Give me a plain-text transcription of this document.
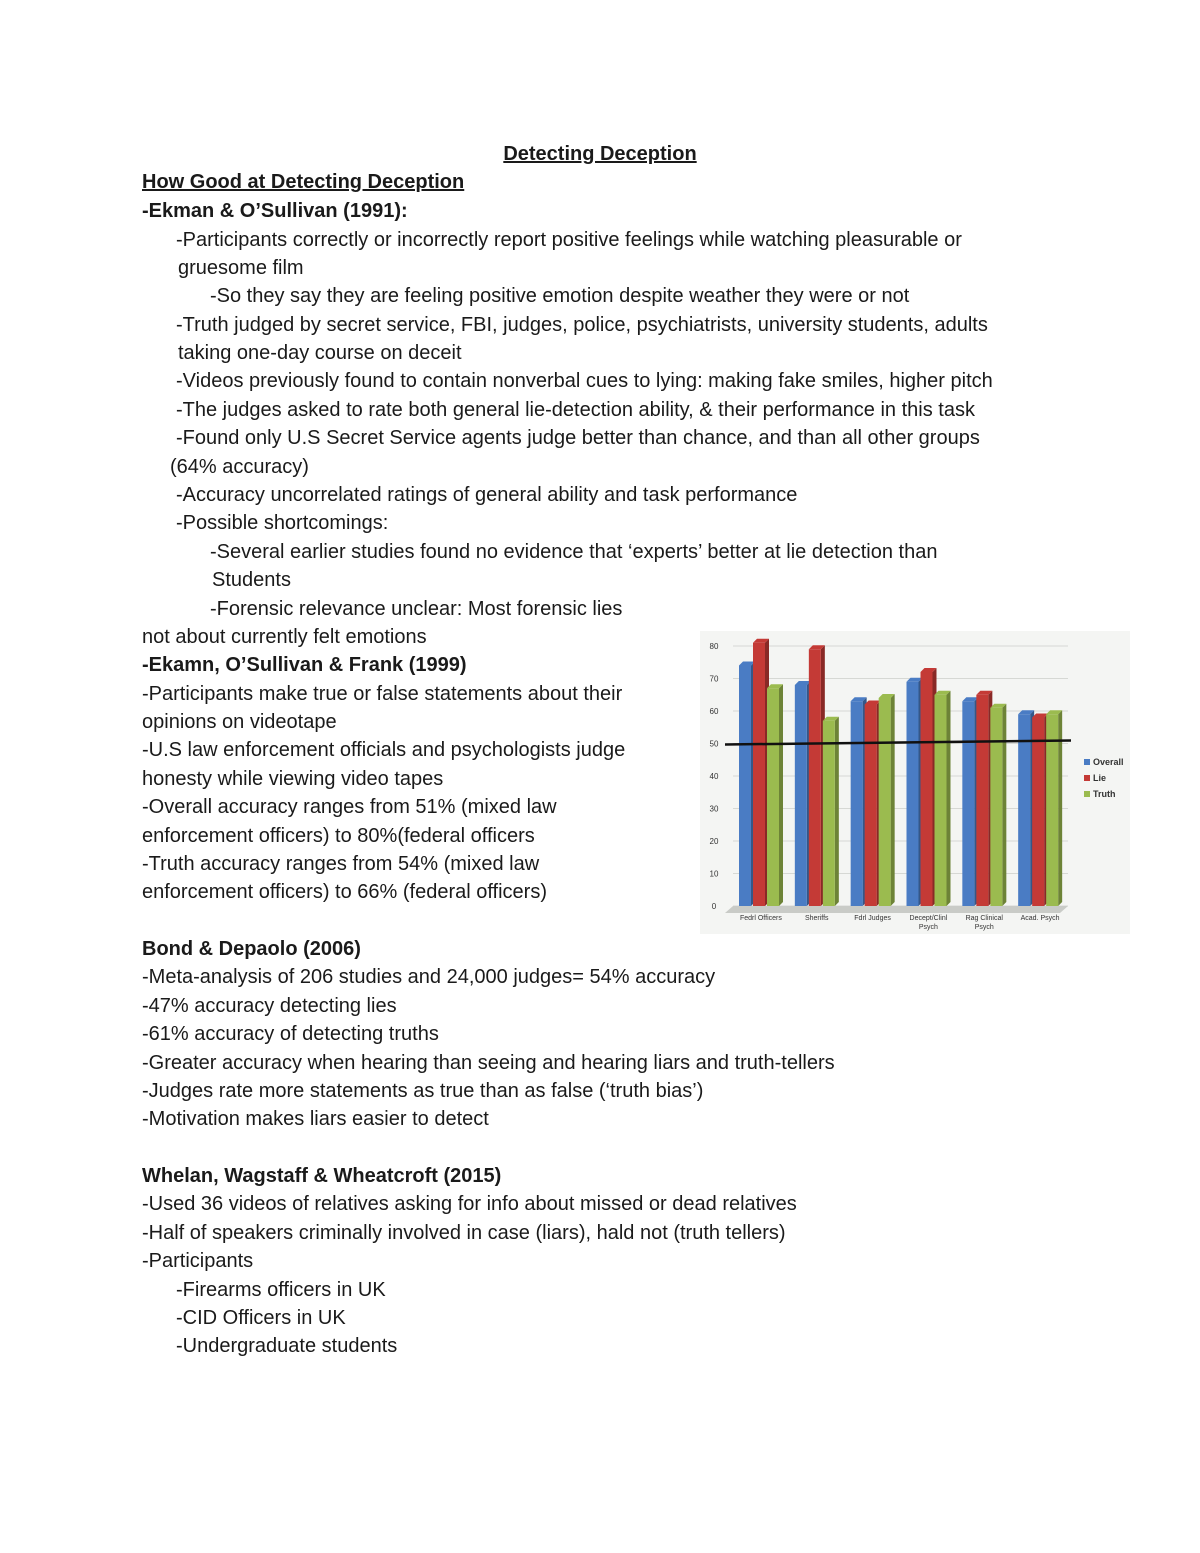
Detecting Deception
How Good at Detecting Deception
-Ekman & O’Sullivan (1991):
-Participants correctly or incorrectly report positive feelings while watching pleasurable or
gruesome film
-So they say they are feeling positive emotion despite weather they were or not
-Truth judged by secret service, FBI, judges, police, psychiatrists, university students, adults
taking one-day course on deceit
-Videos previously found to contain nonverbal cues to lying: making fake smiles, higher pitch
-The judges asked to rate both general lie-detection ability, & their performance in this task
-Found only U.S Secret Service agents judge better than chance, and than all other groups
(64% accuracy)
-Accuracy uncorrelated ratings of general ability and task performance
-Possible shortcomings:
-Several earlier studies found no evidence that ‘experts’ better at lie detection than
Students
-Forensic relevance unclear: Most forensic lies
not about currently felt emotions
-Ekamn, O’Sullivan & Frank (1999)
-Participants make true or false statements about their
opinions on videotape
-U.S law enforcement officials and psychologists judge
honesty while viewing video tapes
-Overall accuracy ranges from 51% (mixed law
enforcement officers) to 80%(federal officers
-Truth accuracy ranges from 54% (mixed law
enforcement officers) to 66% (federal officers)
Bond & Depaolo (2006)
-Meta-analysis of 206 studies and 24,000 judges= 54% accuracy
-47% accuracy detecting lies
-61% accuracy of detecting truths
-Greater accuracy when hearing than seeing and hearing liars and truth-tellers
-Judges rate more statements as true than as false (‘truth bias’)
-Motivation makes liars easier to detect
Whelan, Wagstaff & Wheatcroft (2015)
-Used 36 videos of relatives asking for info about missed or dead relatives
-Half of speakers criminally involved in case (liars), hald not (truth tellers)
-Participants
-Firearms officers in UK
-CID Officers in UK
-Undergraduate students
0
10
20
30
40
50
60
70
80
Fedrl Officers	Sheriffs	Fdrl Judges	Decept/Clinl
Psych
Rag Clinical
Psych
Acad. Psych
Overall
Lie
Truth
